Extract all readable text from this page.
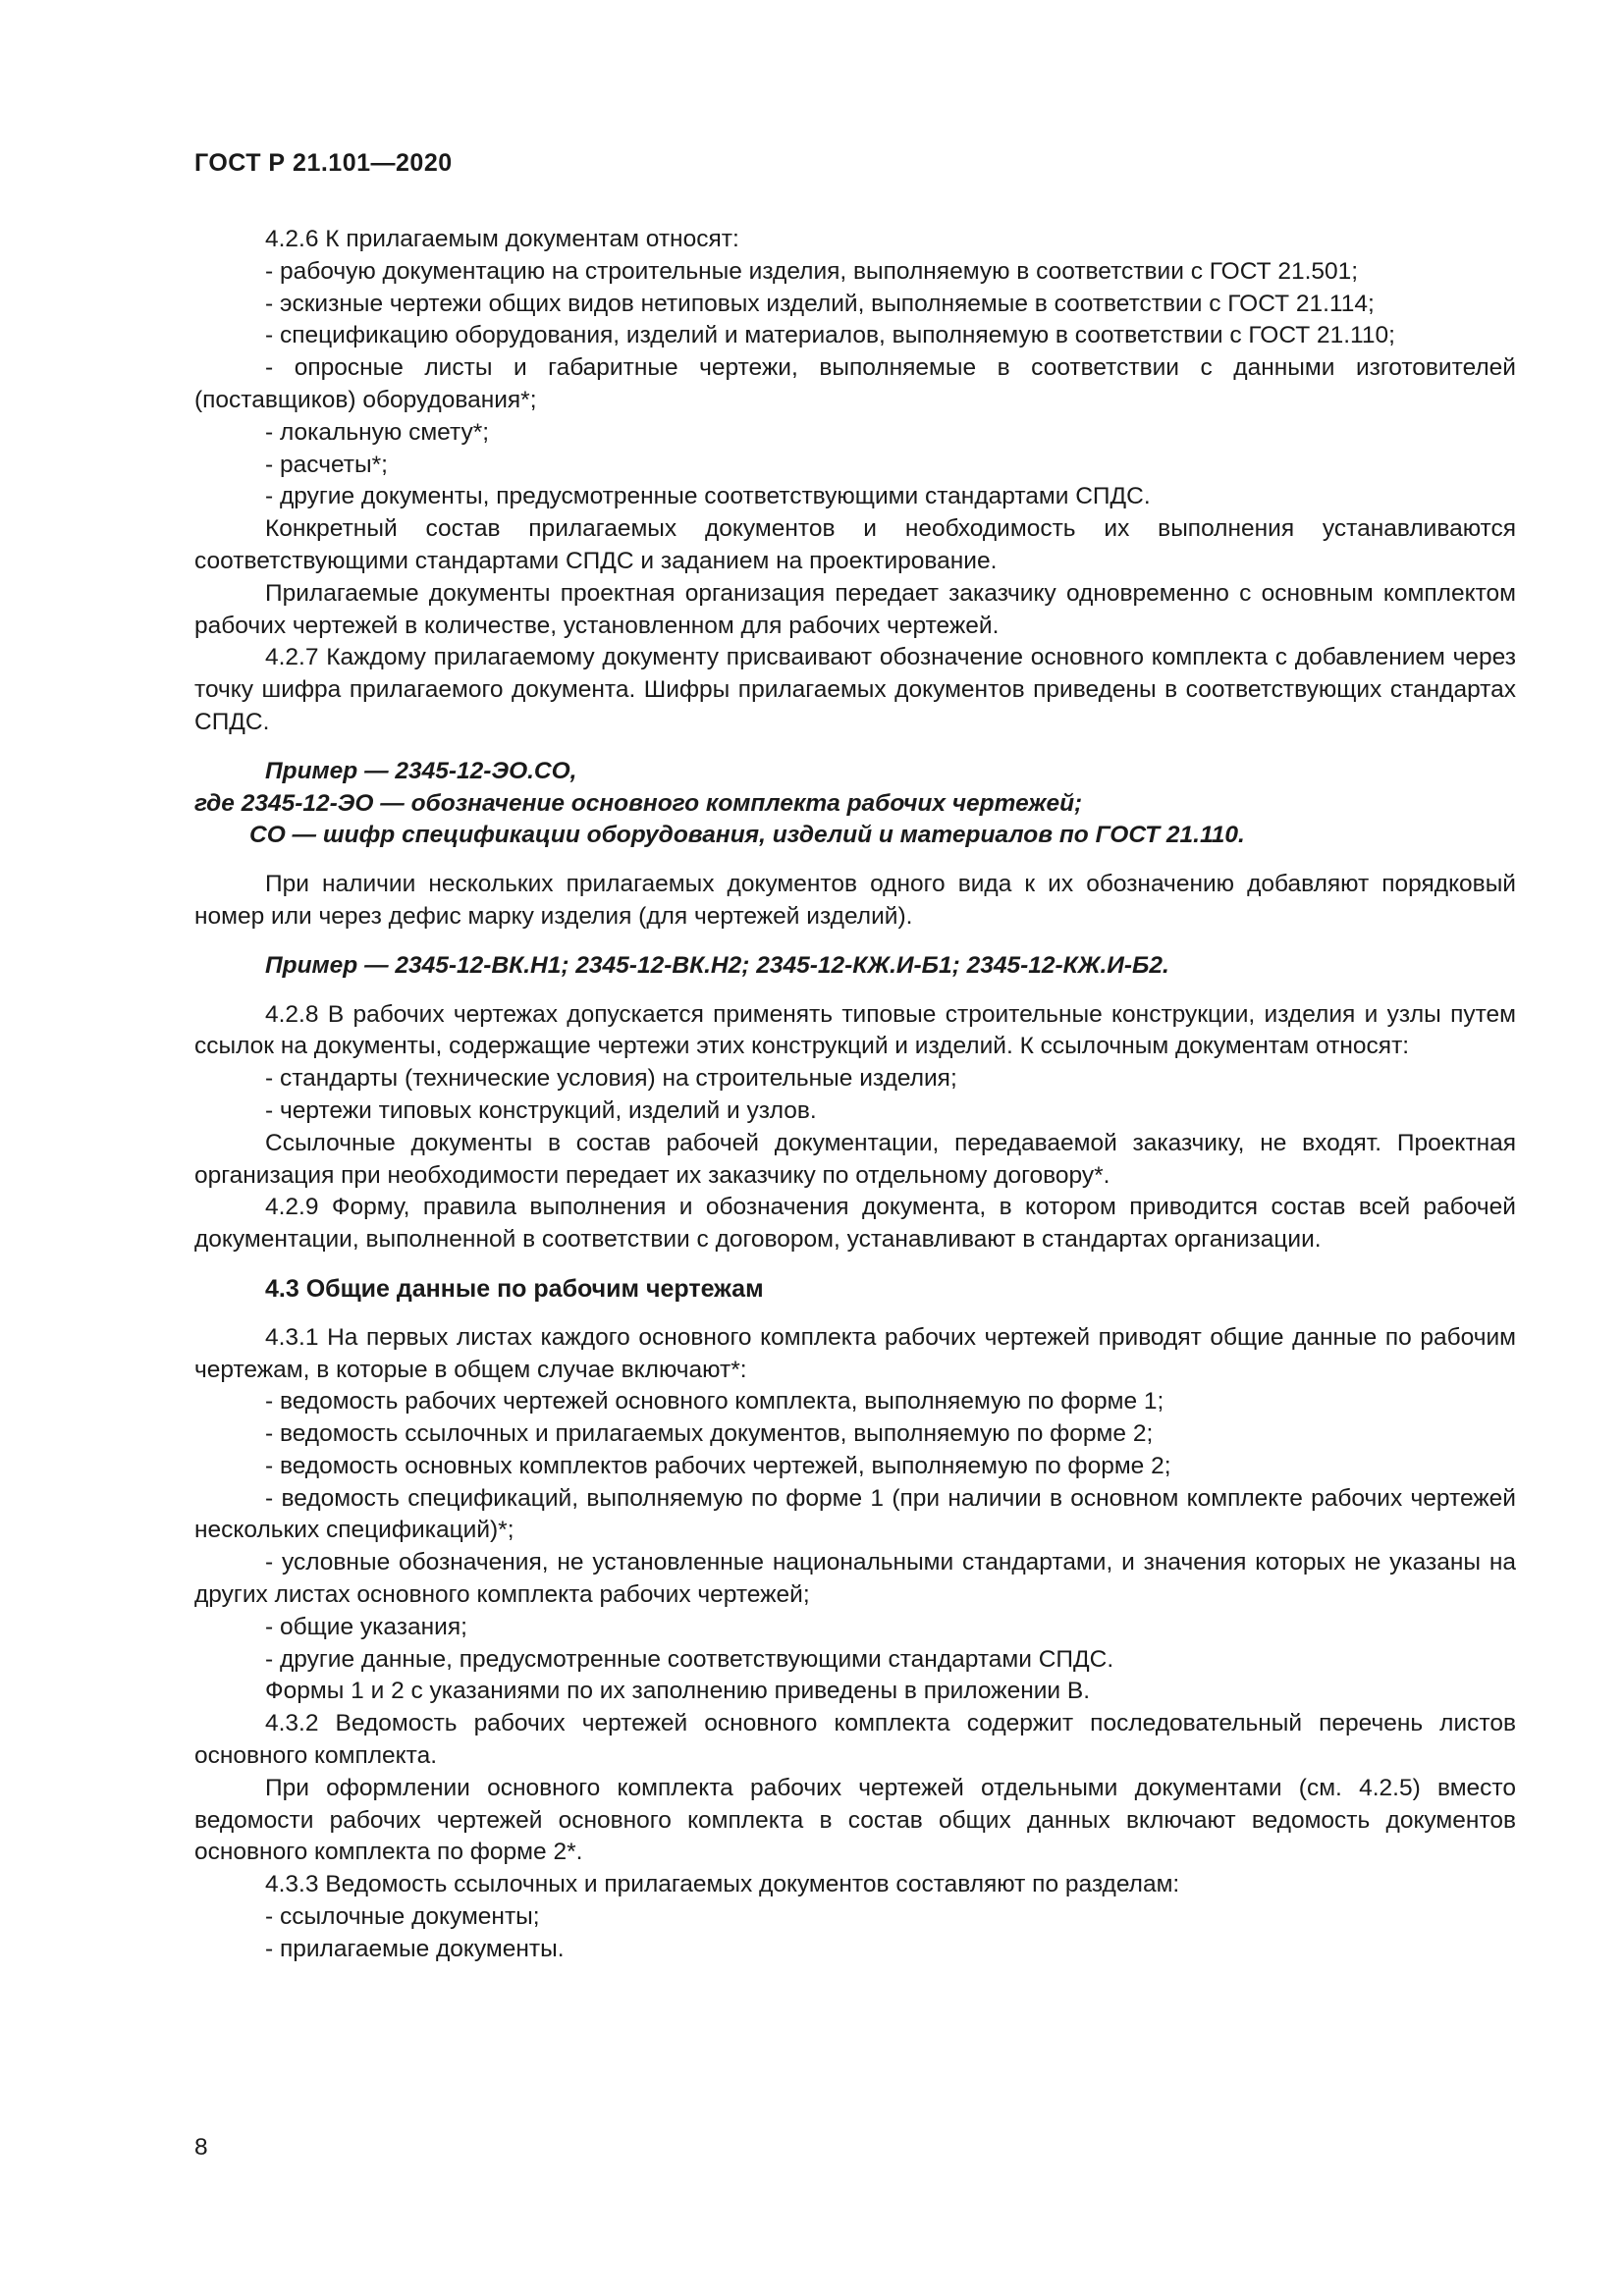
ГОСТ Р 21.101—2020

4.2.6 К прилагаемым документам относят:

- рабочую документацию на строительные изделия, выполняемую в соответствии с ГОСТ 21.501;

- эскизные чертежи общих видов нетиповых изделий, выполняемые в соответствии с ГОСТ 21.114;

- спецификацию оборудования, изделий и материалов, выполняемую в соответствии с ГОСТ 21.110;

- опросные листы и габаритные чертежи, выполняемые в соответствии с данными изготовителей (поставщиков) оборудования*;

- локальную смету*;

- расчеты*;

- другие документы, предусмотренные соответствующими стандартами СПДС.

Конкретный состав прилагаемых документов и необходимость их выполнения устанавливаются соответствующими стандартами СПДС и заданием на проектирование.

Прилагаемые документы проектная организация передает заказчику одновременно с основным комплектом рабочих чертежей в количестве, установленном для рабочих чертежей.

4.2.7 Каждому прилагаемому документу присваивают обозначение основного комплекта с добавлением через точку шифра прилагаемого документа. Шифры прилагаемых документов приведены в соответствующих стандартах СПДС.

Пример — 2345-12-ЭО.СО,

где 2345-12-ЭО — обозначение основного комплекта рабочих чертежей;

СО — шифр спецификации оборудования, изделий и материалов по ГОСТ 21.110.

При наличии нескольких прилагаемых документов одного вида к их обозначению добавляют порядковый номер или через дефис марку изделия (для чертежей изделий).

Пример — 2345-12-ВК.Н1; 2345-12-ВК.Н2; 2345-12-КЖ.И-Б1; 2345-12-КЖ.И-Б2.

4.2.8 В рабочих чертежах допускается применять типовые строительные конструкции, изделия и узлы путем ссылок на документы, содержащие чертежи этих конструкций и изделий. К ссылочным документам относят:

- стандарты (технические условия) на строительные изделия;

- чертежи типовых конструкций, изделий и узлов.

Ссылочные документы в состав рабочей документации, передаваемой заказчику, не входят. Проектная организация при необходимости передает их заказчику по отдельному договору*.

4.2.9 Форму, правила выполнения и обозначения документа, в котором приводится состав всей рабочей документации, выполненной в соответствии с договором, устанавливают в стандартах организации.

4.3 Общие данные по рабочим чертежам

4.3.1 На первых листах каждого основного комплекта рабочих чертежей приводят общие данные по рабочим чертежам, в которые в общем случае включают*:

- ведомость рабочих чертежей основного комплекта, выполняемую по форме 1;

- ведомость ссылочных и прилагаемых документов, выполняемую по форме 2;

- ведомость основных комплектов рабочих чертежей, выполняемую по форме 2;

- ведомость спецификаций, выполняемую по форме 1 (при наличии в основном комплекте рабочих чертежей нескольких спецификаций)*;

- условные обозначения, не установленные национальными стандартами, и значения которых не указаны на других листах основного комплекта рабочих чертежей;

- общие указания;

- другие данные, предусмотренные соответствующими стандартами СПДС.

Формы 1 и 2 с указаниями по их заполнению приведены в приложении В.

4.3.2 Ведомость рабочих чертежей основного комплекта содержит последовательный перечень листов основного комплекта.

При оформлении основного комплекта рабочих чертежей отдельными документами (см. 4.2.5) вместо ведомости рабочих чертежей основного комплекта в состав общих данных включают ведомость документов основного комплекта по форме 2*.

4.3.3 Ведомость ссылочных и прилагаемых документов составляют по разделам:

- ссылочные документы;

- прилагаемые документы.

8
